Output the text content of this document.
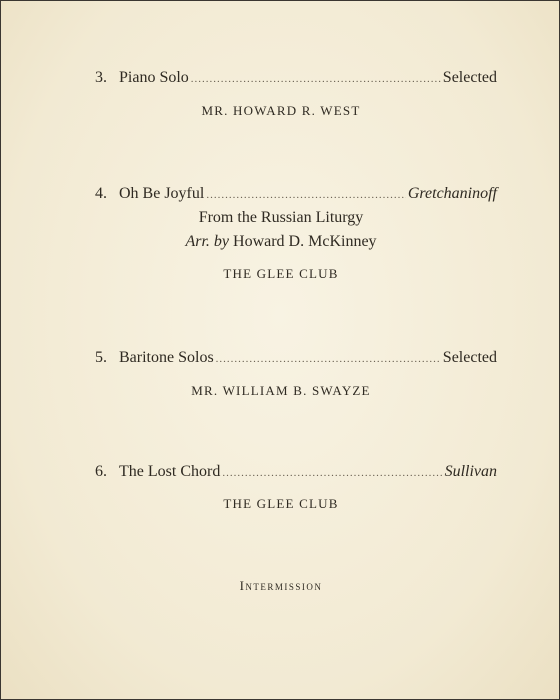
3. Piano Solo .....	Selected
MR. HOWARD R. WEST
4. Oh Be Joyful .....	Gretchaninoff
From the Russian Liturgy
Arr. by Howard D. McKinney
THE GLEE CLUB
5. Baritone Solos .....	Selected
MR. WILLIAM B. SWAYZE
6. The Lost Chord .....	Sullivan
THE GLEE CLUB
Intermission
